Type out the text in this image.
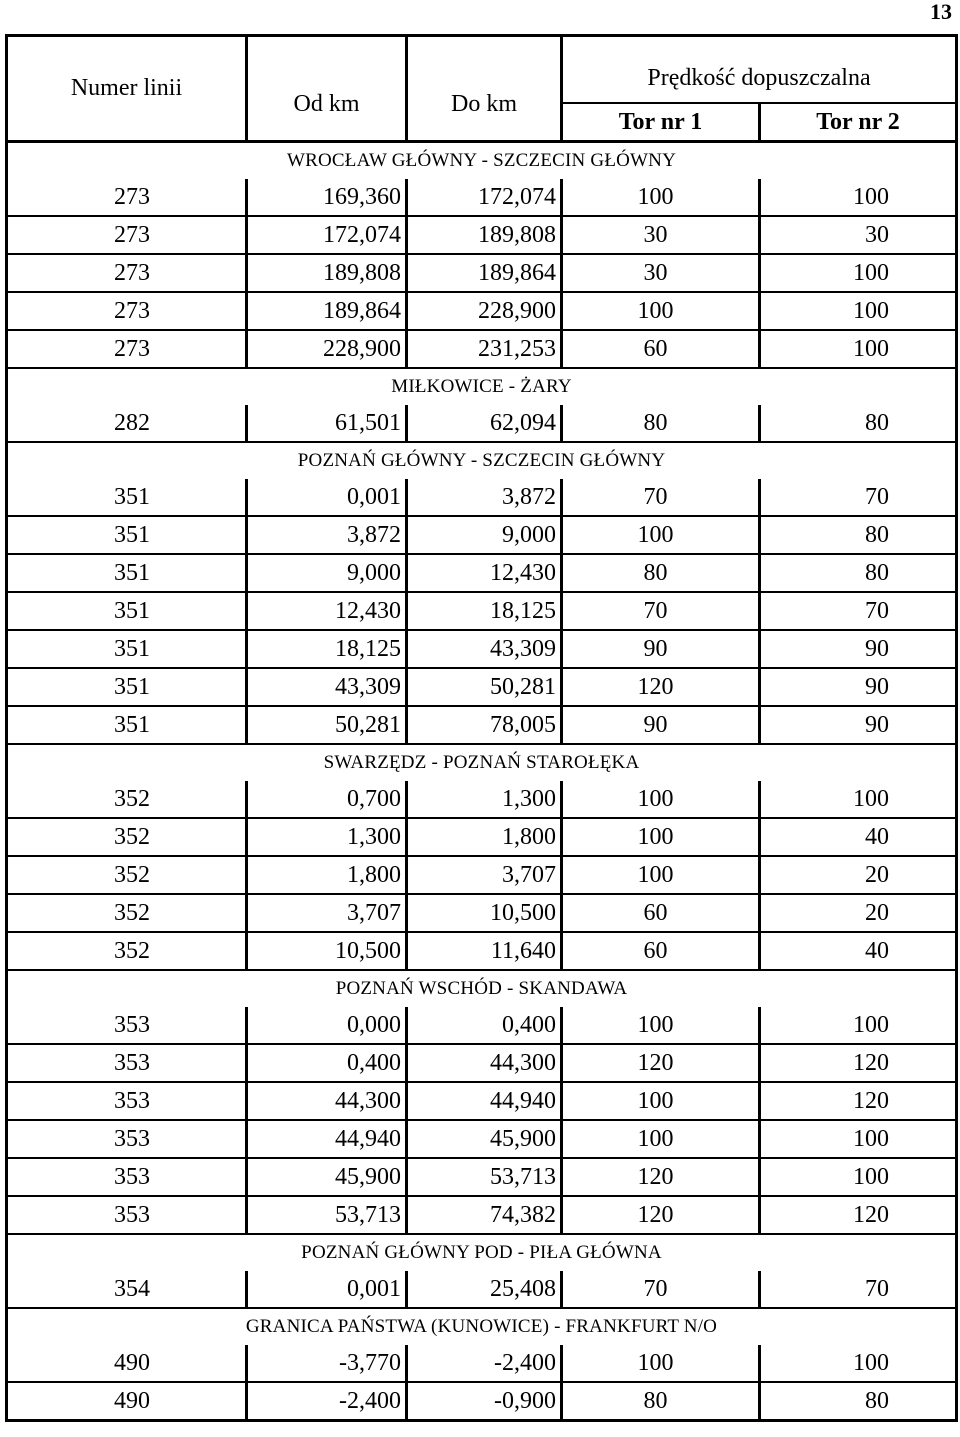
13
Numer linii	Od km	Do km	Prędkość dopuszczalna	
			Tor nr 1	Tor nr 2
WROCŁAW GŁÓWNY - SZCZECIN GŁÓWNY				
273	169,360	172,074	100	100
273	172,074	189,808	30	30
273	189,808	189,864	30	100
273	189,864	228,900	100	100
273	228,900	231,253	60	100
MIŁKOWICE - ŻARY				
282	61,501	62,094	80	80
POZNAŃ GŁÓWNY - SZCZECIN GŁÓWNY				
351	0,001	3,872	70	70
351	3,872	9,000	100	80
351	9,000	12,430	80	80
351	12,430	18,125	70	70
351	18,125	43,309	90	90
351	43,309	50,281	120	90
351	50,281	78,005	90	90
SWARZĘDZ - POZNAŃ STAROŁĘKA				
352	0,700	1,300	100	100
352	1,300	1,800	100	40
352	1,800	3,707	100	20
352	3,707	10,500	60	20
352	10,500	11,640	60	40
POZNAŃ WSCHÓD - SKANDAWA				
353	0,000	0,400	100	100
353	0,400	44,300	120	120
353	44,300	44,940	100	120
353	44,940	45,900	100	100
353	45,900	53,713	120	100
353	53,713	74,382	120	120
POZNAŃ GŁÓWNY POD - PIŁA GŁÓWNA				
354	0,001	25,408	70	70
GRANICA PAŃSTWA (KUNOWICE) - FRANKFURT N/O				
490	-3,770	-2,400	100	100
490	-2,400	-0,900	80	80
